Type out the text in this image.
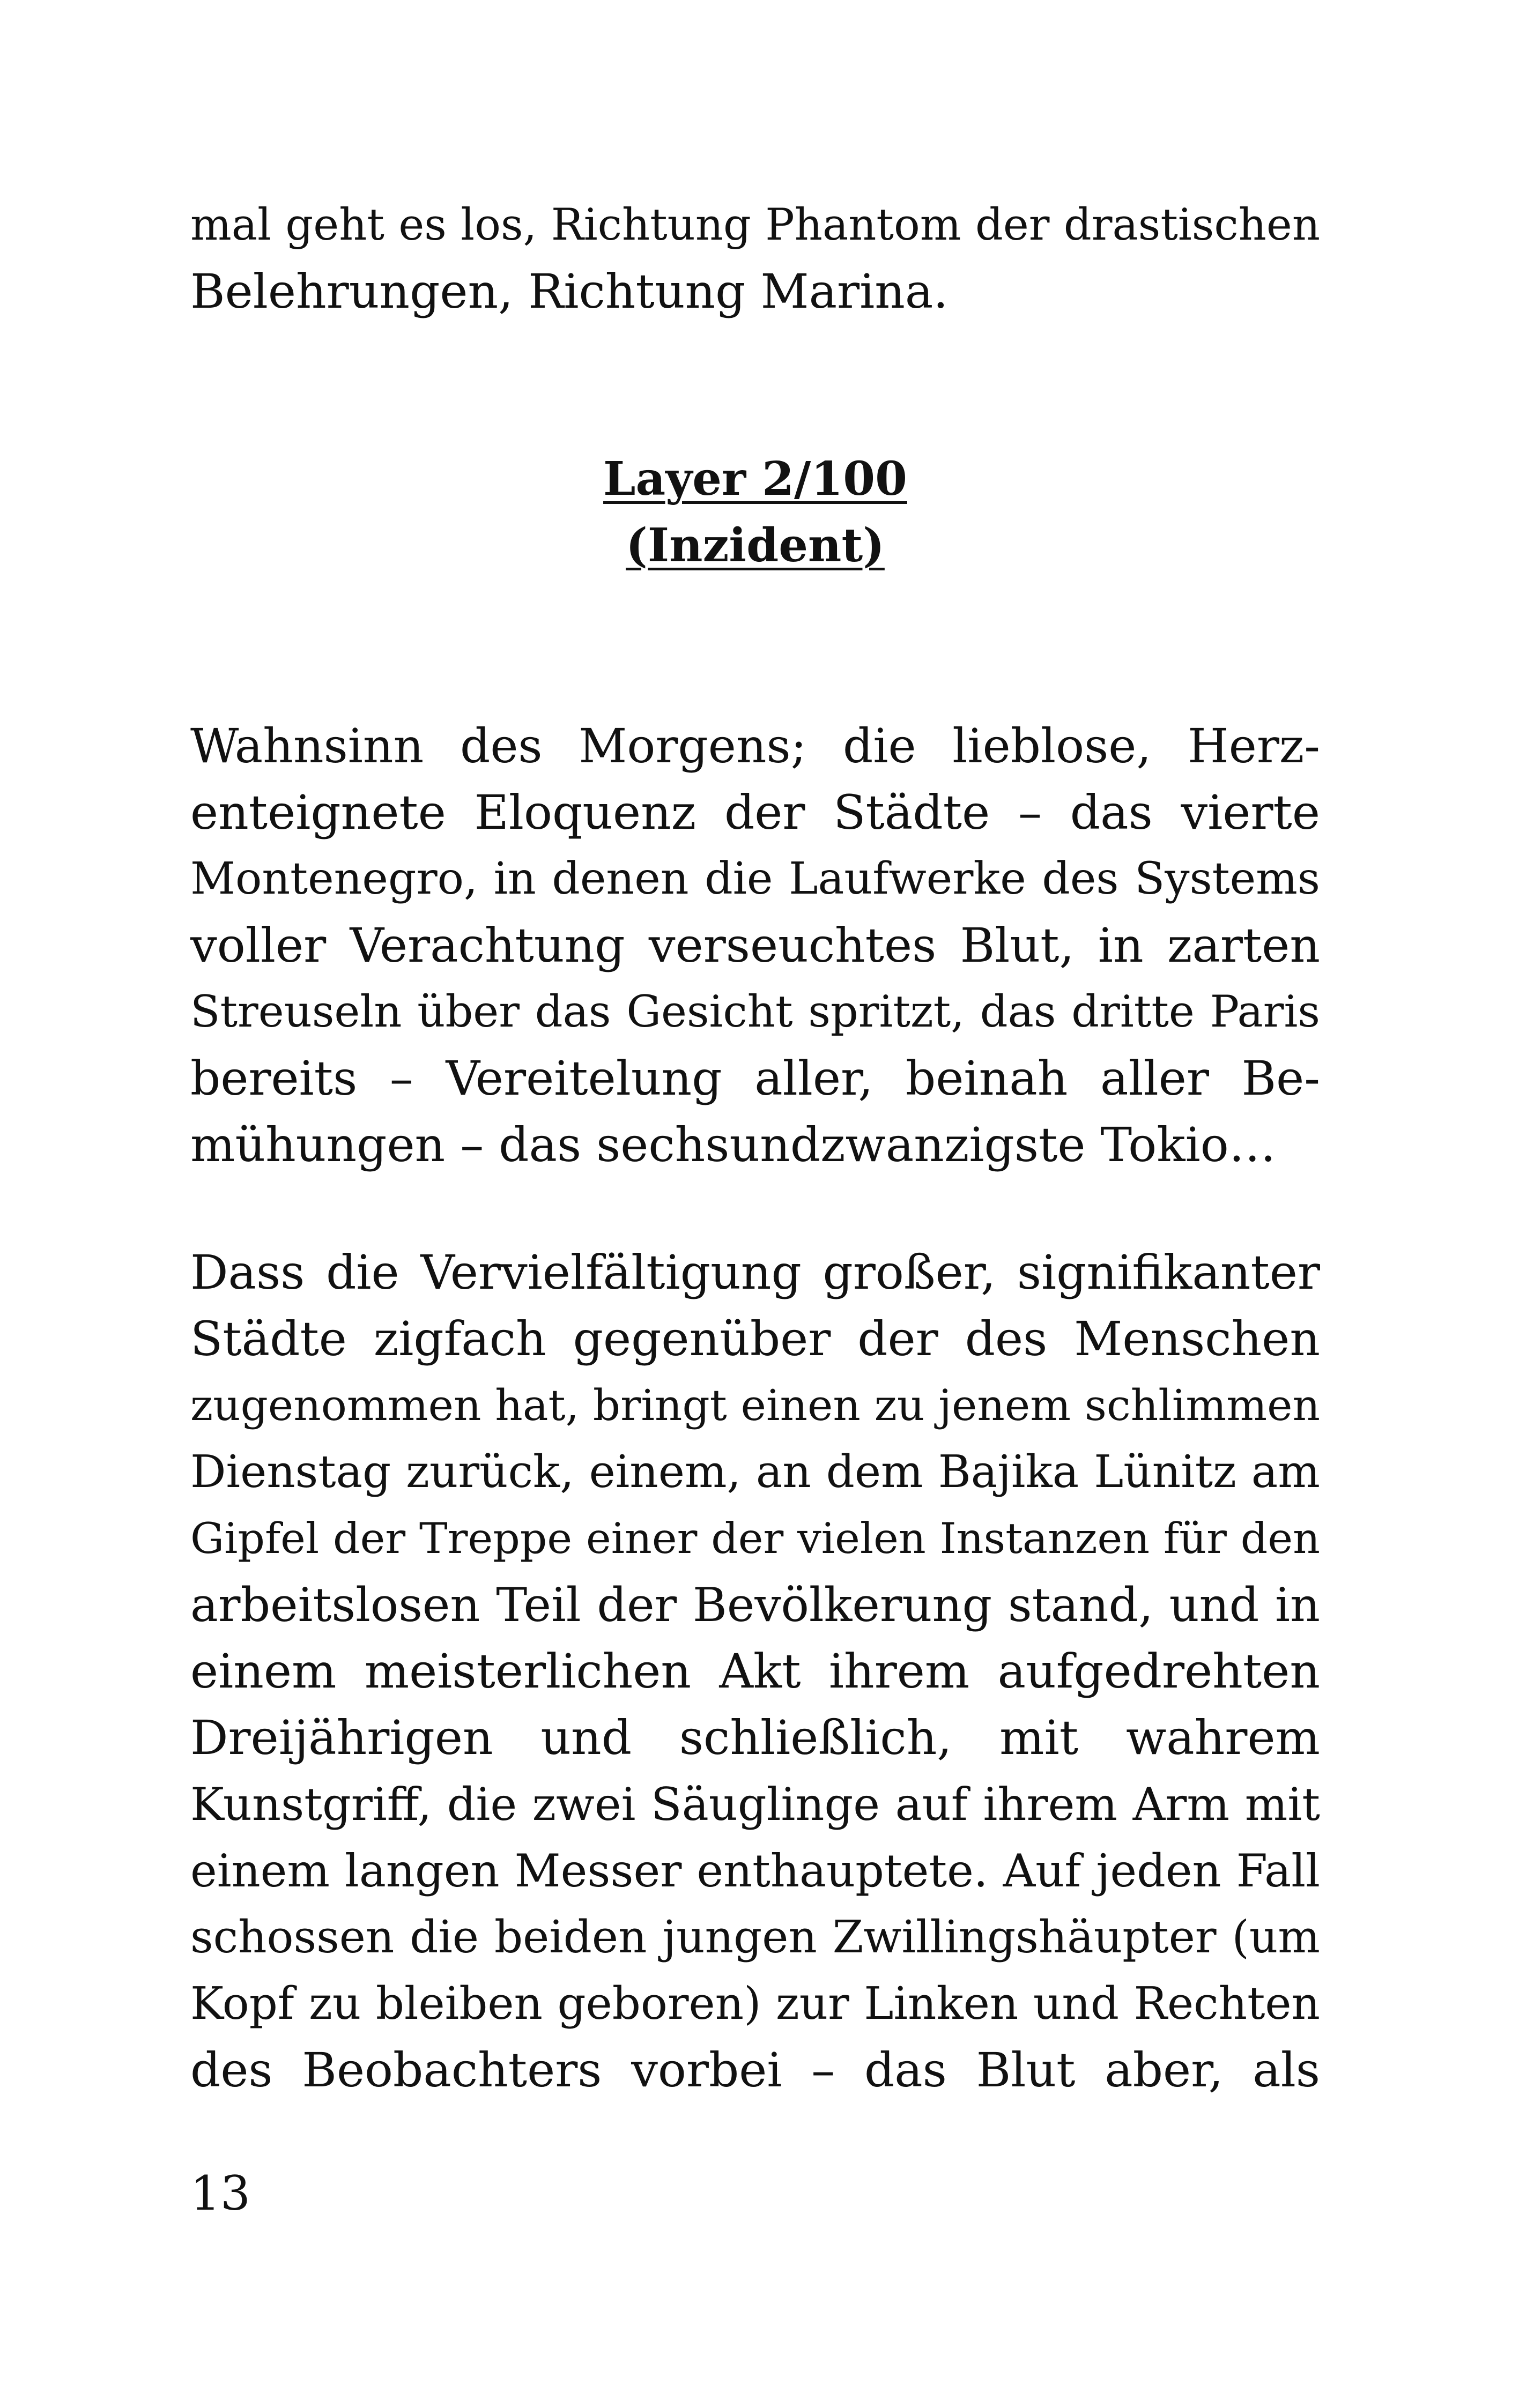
mal geht es los, Richtung Phantom der drastischen
Belehrungen, Richtung Marina.
Layer 2/100
(Inzident)
Wahnsinn des Morgens; die lieblose, Herz-
enteignete Eloquenz der Städte – das vierte
Montenegro, in denen die Laufwerke des Systems
voller Verachtung verseuchtes Blut, in zarten
Streuseln über das Gesicht spritzt, das dritte Paris
bereits – Vereitelung aller, beinah aller Be-
mühungen – das sechsundzwanzigste Tokio…
Dass die Vervielfältigung großer, signifikanter
Städte zigfach gegenüber der des Menschen
zugenommen hat, bringt einen zu jenem schlimmen
Dienstag zurück, einem, an dem Bajika Lünitz am
Gipfel der Treppe einer der vielen Instanzen für den
arbeitslosen Teil der Bevölkerung stand, und in
einem meisterlichen Akt ihrem aufgedrehten
Dreijährigen und schließlich, mit wahrem
Kunstgriff, die zwei Säuglinge auf ihrem Arm mit
einem langen Messer enthauptete. Auf jeden Fall
schossen die beiden jungen Zwillingshäupter (um
Kopf zu bleiben geboren) zur Linken und Rechten
des Beobachters vorbei – das Blut aber, als
13
